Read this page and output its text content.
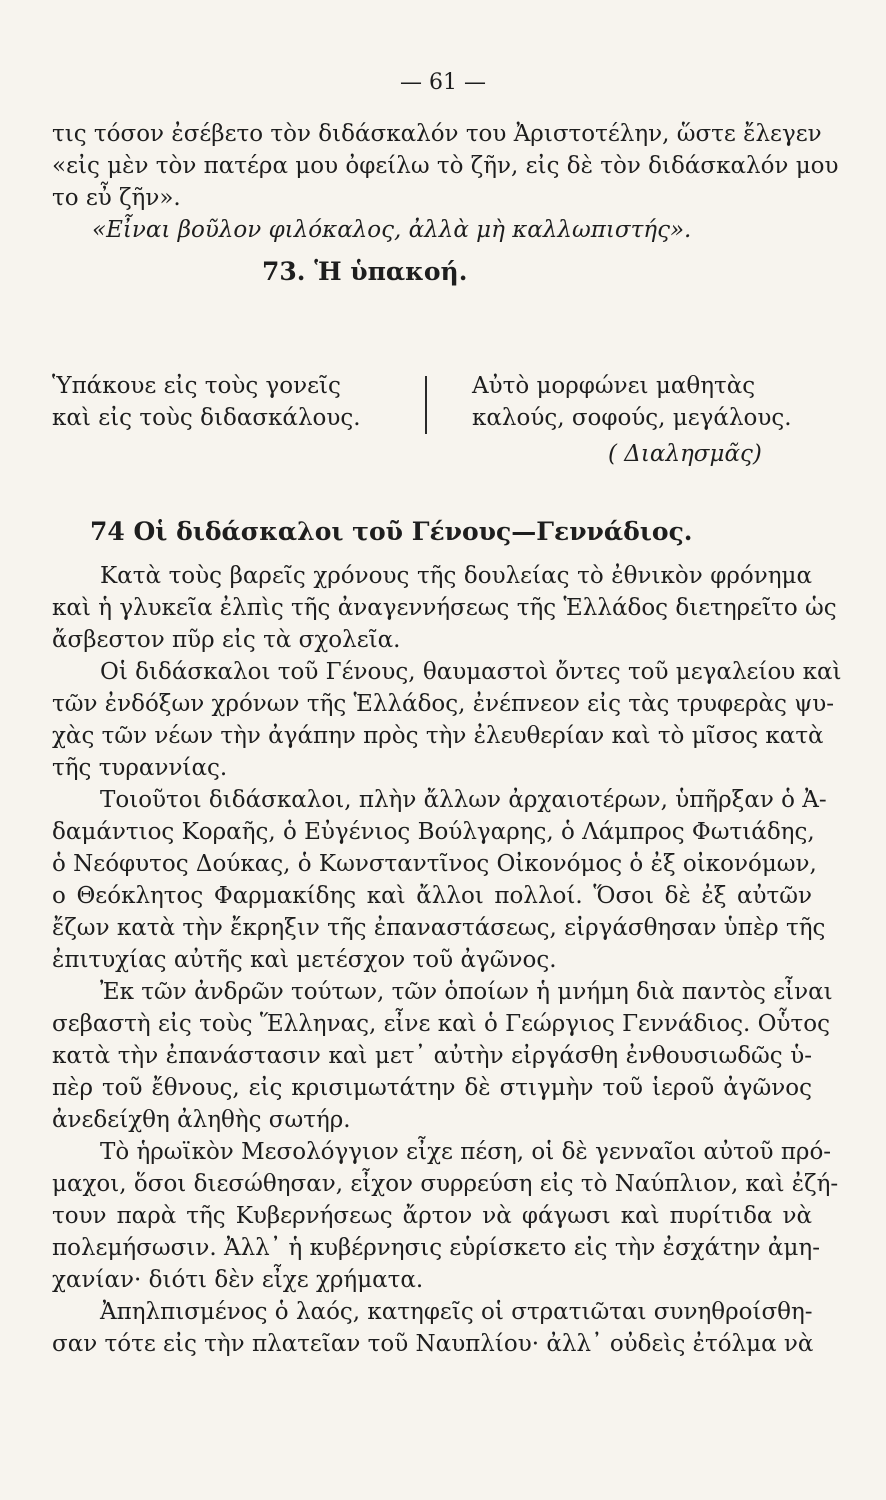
— 61 —
τις τόσον ἐσέβετο τὸν διδάσκαλόν του Ἀριστοτέλην, ὥστε ἔλεγεν
«εἰς μὲν τὸν πατέρα μου ὀφείλω τὸ ζῆν, εἰς δὲ τὸν διδάσκαλόν μου
το εὖ ζῆν».
«Εἶναι βοῦλον φιλόκαλος, ἀλλὰ μὴ καλλωπιστής».
73. Ἡ ὑπακοή.
Ὑπάκουε εἰς τοὺς γονεῖς
καὶ εἰς τοὺς διδασκάλους.
Αὐτὸ μορφώνει μαθητὰς
καλούς, σοφούς, μεγάλους.
( Διαλησμᾶς)
74 Οἱ διδάσκαλοι τοῦ Γένους—Γεννάδιος.
Κατὰ τοὺς βαρεῖς χρόνους τῆς δουλείας τὸ ἐθνικὸν φρόνημα
καὶ ἡ γλυκεῖα ἐλπὶς τῆς ἀναγεννήσεως τῆς Ἑλλάδος διετηρεῖτο ὡς
ἄσβεστον πῦρ εἰς τὰ σχολεῖα.
Οἱ διδάσκαλοι τοῦ Γένους, θαυμαστοὶ ὄντες τοῦ μεγαλείου καὶ
τῶν ἐνδόξων χρόνων τῆς Ἑλλάδος, ἐνέπνεον εἰς τὰς τρυφερὰς ψυ-
χὰς τῶν νέων τὴν ἀγάπην πρὸς τὴν ἐλευθερίαν καὶ τὸ μῖσος κατὰ
τῆς τυραννίας.
Τοιοῦτοι διδάσκαλοι, πλὴν ἄλλων ἀρχαιοτέρων, ὑπῆρξαν ὁ Ἀ-
δαμάντιος Κοραῆς, ὁ Εὐγένιος Βούλγαρης, ὁ Λάμπρος Φωτιάδης,
ὁ Νεόφυτος Δούκας, ὁ Κωνσταντῖνος Οἰκονόμος ὁ ἐξ οἰκονόμων,
ο Θεόκλητος Φαρμακίδης καὶ ἄλλοι πολλοί. Ὅσοι δὲ ἐξ αὐτῶν
ἔζων κατὰ τὴν ἔκρηξιν τῆς ἐπαναστάσεως, εἰργάσθησαν ὑπὲρ τῆς
ἐπιτυχίας αὐτῆς καὶ μετέσχον τοῦ ἀγῶνος.
Ἐκ τῶν ἀνδρῶν τούτων, τῶν ὁποίων ἡ μνήμη διὰ παντὸς εἶναι
σεβαστὴ εἰς τοὺς Ἕλληνας, εἶνε καὶ ὁ Γεώργιος Γεννάδιος. Οὗτος
κατὰ τὴν ἐπανάστασιν καὶ μετ᾽ αὐτὴν εἰργάσθη ἐνθουσιωδῶς ὑ-
πὲρ τοῦ ἔθνους, εἰς κρισιμωτάτην δὲ στιγμὴν τοῦ ἱεροῦ ἀγῶνος
ἀνεδείχθη ἀληθὴς σωτήρ.
Τὸ ἡρωϊκὸν Μεσολόγγιον εἶχε πέση, οἱ δὲ γενναῖοι αὐτοῦ πρό-
μαχοι, ὅσοι διεσώθησαν, εἶχον συρρεύση εἰς τὸ Ναύπλιον, καὶ ἐζή-
τουν παρὰ τῆς Κυβερνήσεως ἄρτον νὰ φάγωσι καὶ πυρίτιδα νὰ
πολεμήσωσιν. Ἀλλ᾽ ἡ κυβέρνησις εὑρίσκετο εἰς τὴν ἐσχάτην ἀμη-
χανίαν· διότι δὲν εἶχε χρήματα.
Ἀπηλπισμένος ὁ λαός, κατηφεῖς οἱ στρατιῶται συνηθροίσθη-
σαν τότε εἰς τὴν πλατεῖαν τοῦ Ναυπλίου· ἀλλ᾽ οὐδεὶς ἐτόλμα νὰ
